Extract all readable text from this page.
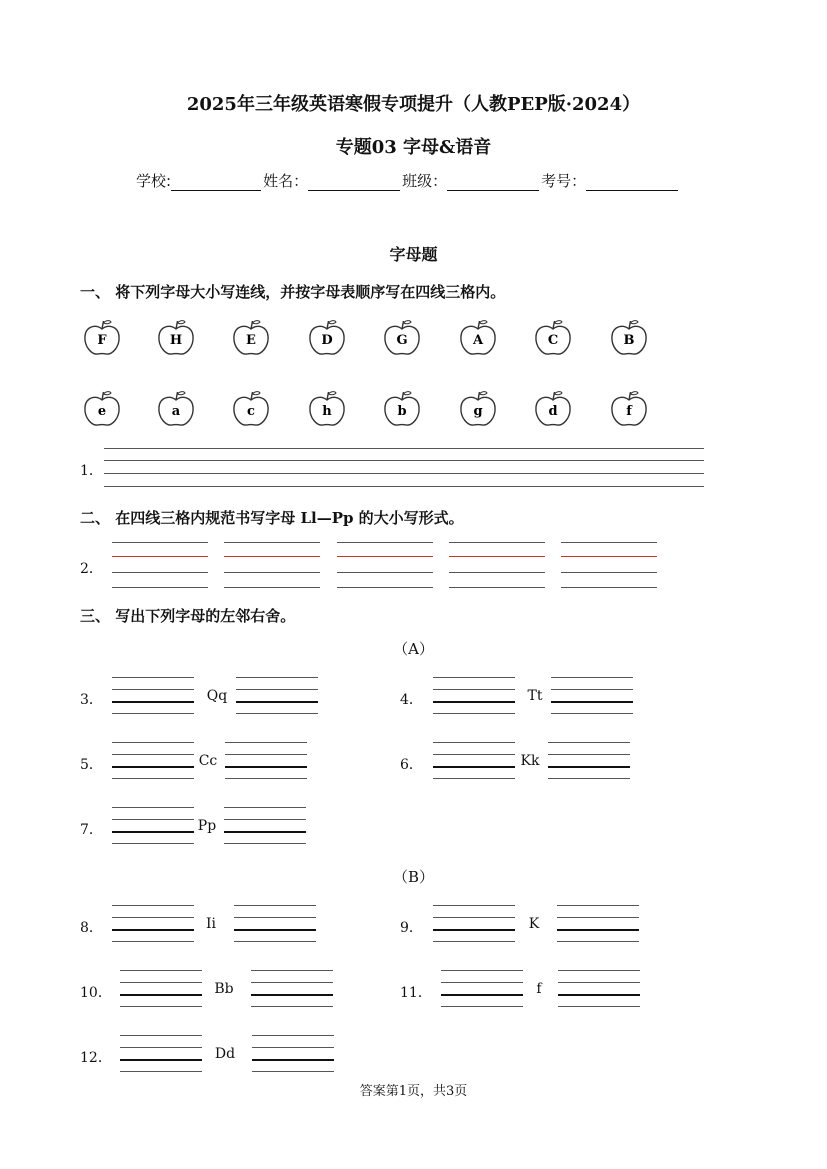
2025年三年级英语寒假专项提升（人教PEP版·2024）
专题03 字母&语音
学校:	姓名：	班级：	考号：
字母题
一、 将下列字母大小写连线，并按字母表顺序写在四线三格内。
F	H	E	D	G	A	C	B
e	a	c	h	b	g	d	f
1．
二、 在四线三格内规范书写字母 Ll—Pp 的大小写形式。
2．
三、 写出下列字母的左邻右舍。
（A）
（B）
3．	Qq	4．	Tt
5．	Cc	6．	Kk
7．	Pp
8．	Ii	9．	K
10．	Bb	11．	f
12．	Dd
答案第1页，共3页
